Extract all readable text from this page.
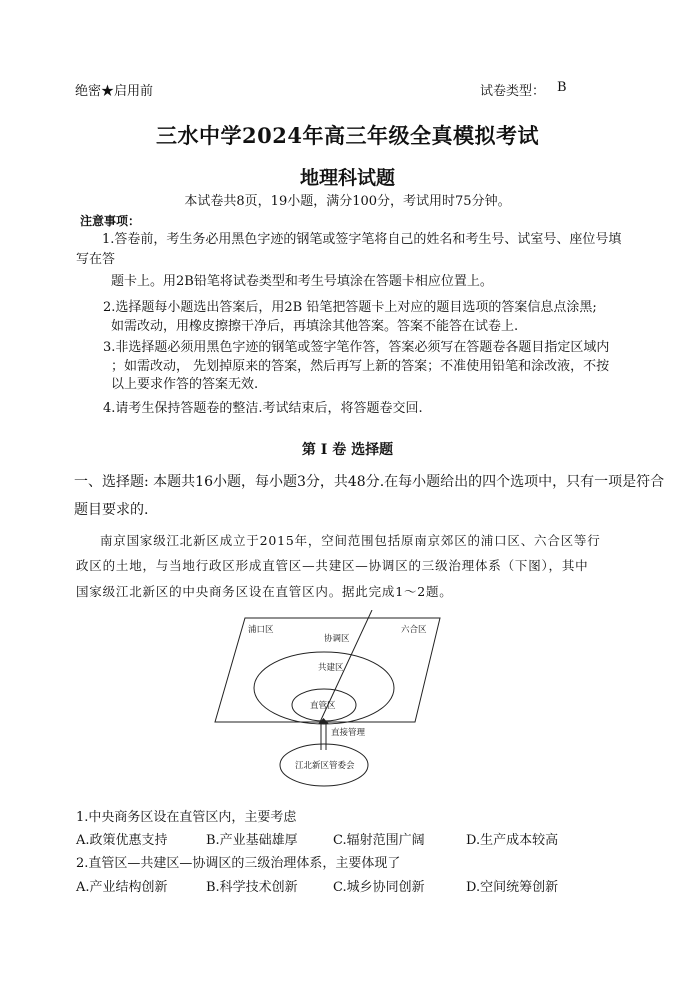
绝密★启用前	试卷类型： B

三水中学2024年高三年级全真模拟考试
地理科试题

本试卷共8页，19小题，满分100分，考试用时75分钟。

注意事项：

1.答卷前，考生务必用黑色字迹的钢笔或签字笔将自己的姓名和考生号、试室号、座位号填

写在答

题卡上。用2B铅笔将试卷类型和考生号填涂在答题卡相应位置上。

2.选择题每小题选出答案后，用2B 铅笔把答题卡上对应的题目选项的答案信息点涂黑;

如需改动，用橡皮擦擦干净后，再填涂其他答案。答案不能答在试卷上.

3.非选择题必须用黑色字迹的钢笔或签字笔作答，答案必须写在答题卷各题目指定区域内

；如需改动， 先划掉原来的答案，然后再写上新的答案；不准使用铅笔和涂改液，不按

以上要求作答的答案无效.

4.请考生保持答题卷的整洁.考试结束后，将答题卷交回.

第 I 卷 选择题

一、选择题: 本题共16小题，每小题3分，共48分.在每小题给出的四个选项中，只有一项是符合

题目要求的.

南京国家级江北新区成立于2015年，空间范围包括原南京郊区的浦口区、六合区等行

政区的土地，与当地行政区形成直管区—共建区—协调区的三级治理体系（下图），其中

国家级江北新区的中央商务区设在直管区内。据此完成1～2题。

浦口区	六合区
协调区
共建区
直管区
直接管理
江北新区管委会

1.中央商务区设在直管区内，主要考虑

A.政策优惠支持	B.产业基础雄厚	C.辐射范围广阔	D.生产成本较高

2.直管区—共建区—协调区的三级治理体系，主要体现了

A.产业结构创新	B.科学技术创新	C.城乡协同创新	D.空间统筹创新
